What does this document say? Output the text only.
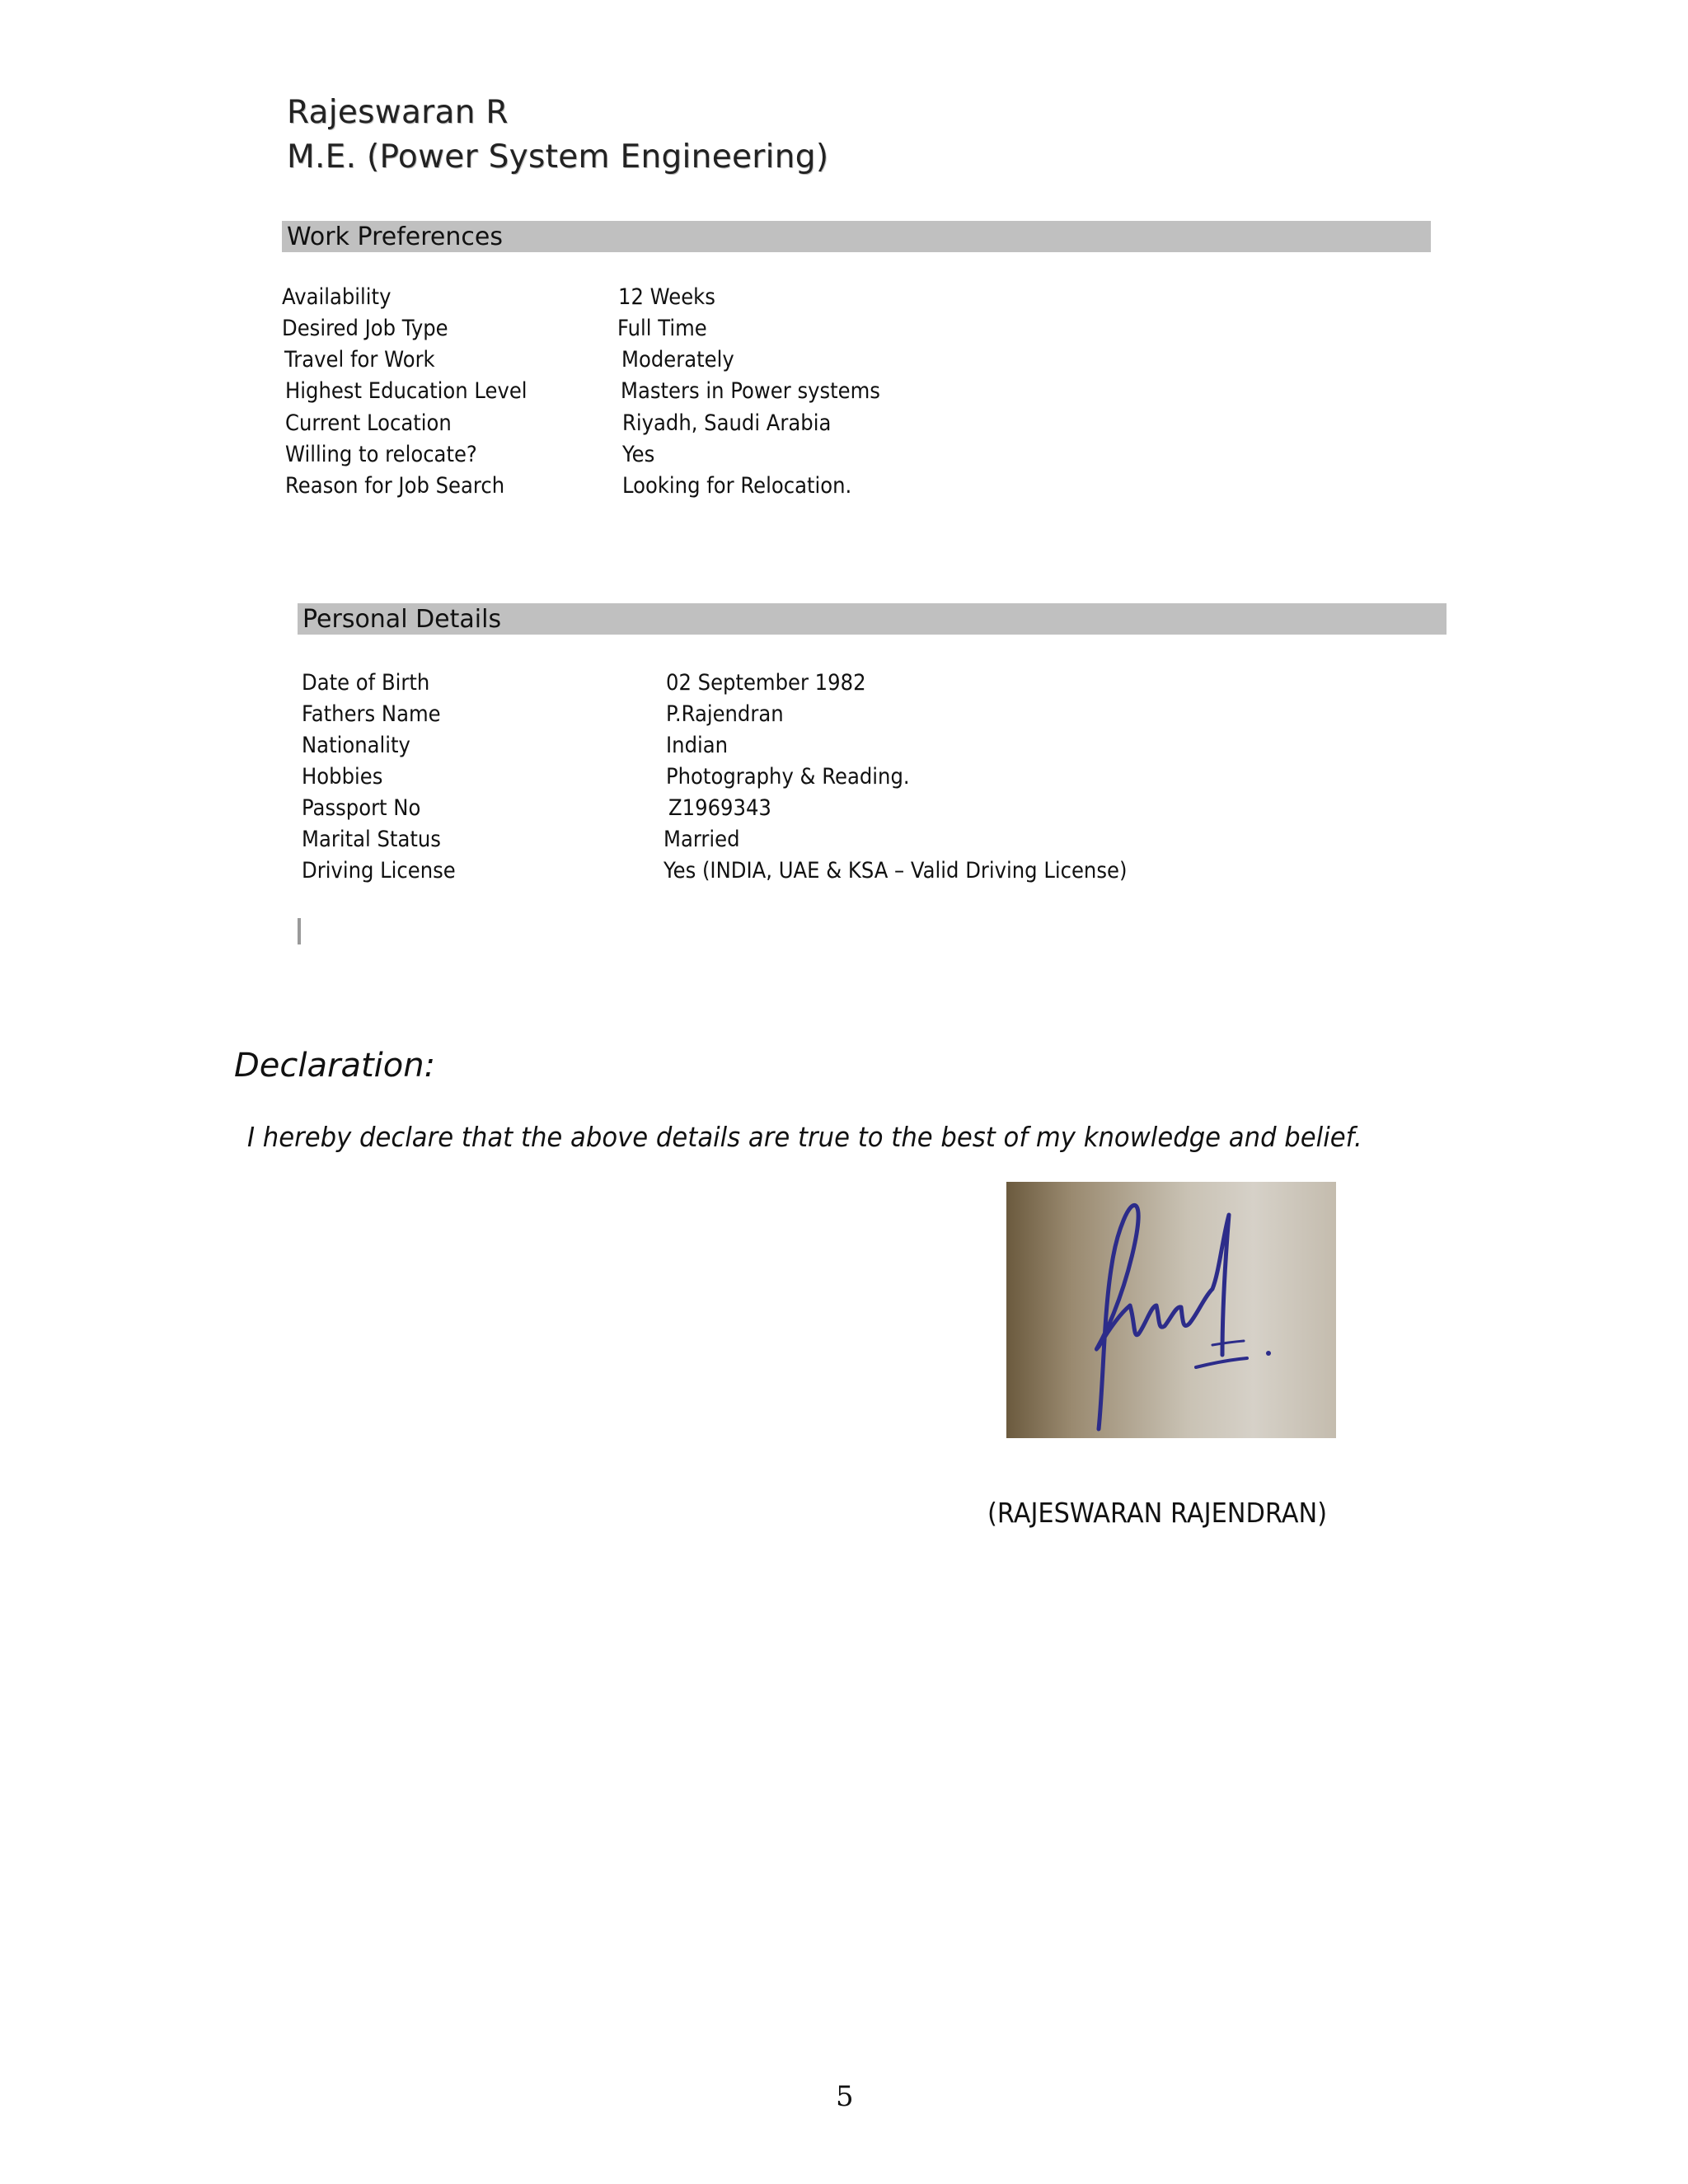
Rajeswaran R
M.E. (Power System Engineering)
Work Preferences
Availability	12 Weeks
Desired Job Type	Full Time
Travel for Work	Moderately
Highest Education Level	Masters in Power systems
Current Location	Riyadh, Saudi Arabia
Willing to relocate?	Yes
Reason for Job Search	Looking for Relocation.
Personal Details
Date of Birth	02 September 1982
Fathers Name	P.Rajendran
Nationality	Indian
Hobbies	Photography & Reading.
Passport No	Z1969343
Marital Status	Married
Driving License	Yes (INDIA, UAE & KSA – Valid Driving License)
Declaration:
I hereby declare that the above details are true to the best of my knowledge and belief.
(RAJESWARAN RAJENDRAN)
5
